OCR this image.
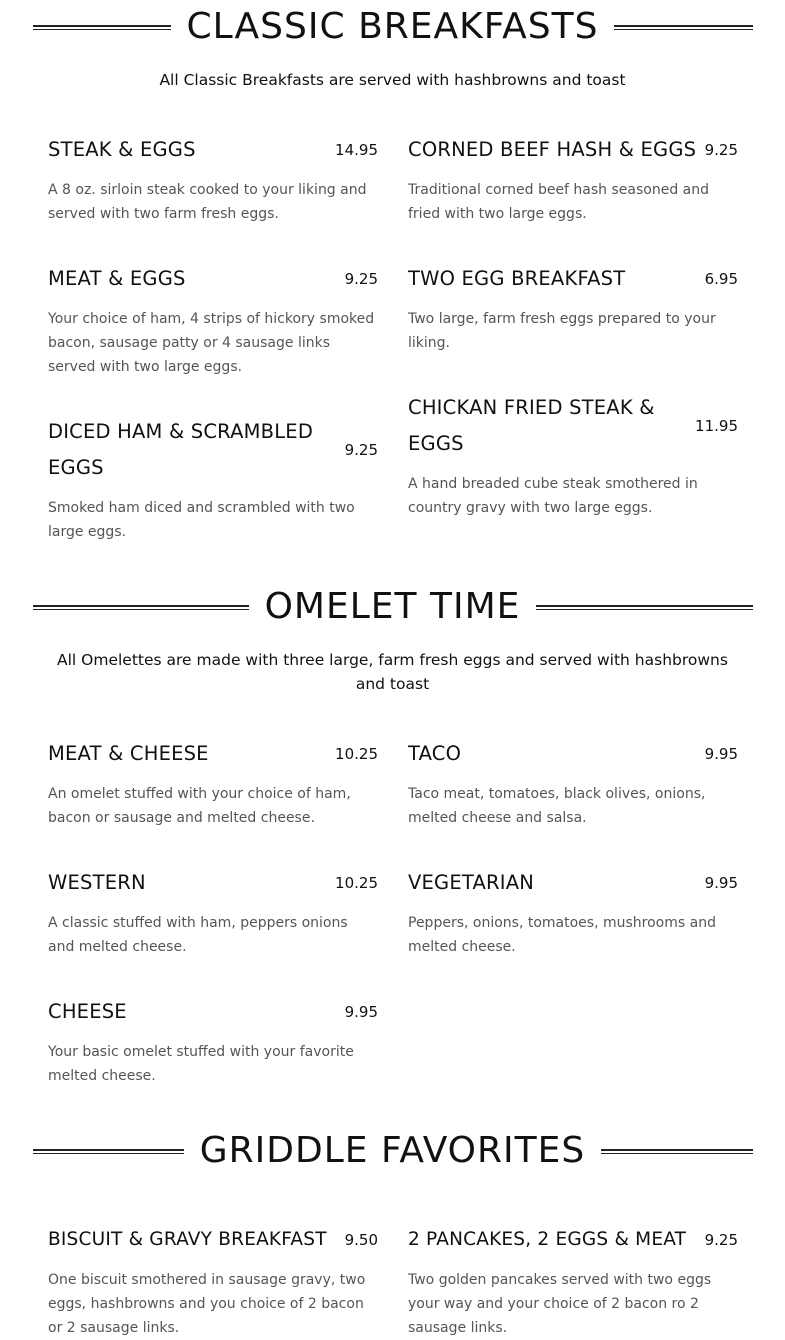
CLASSIC BREAKFASTS
All Classic Breakfasts are served with hashbrowns and toast
STEAK & EGGS	14.95
A 8 oz. sirloin steak cooked to your liking and served with two farm fresh eggs.
CORNED BEEF HASH & EGGS 9.25
Traditional corned beef hash seasoned and fried with two large eggs.
MEAT & EGGS	9.25
Your choice of ham, 4 strips of hickory smoked bacon, sausage patty or 4 sausage links served with two large eggs.
TWO EGG BREAKFAST	6.95
Two large, farm fresh eggs prepared to your liking.
DICED HAM & SCRAMBLED EGGS
9.25
Smoked ham diced and scrambled with two large eggs.
CHICKAN FRIED STEAK & EGGS
11.95
A hand breaded cube steak smothered in country gravy with two large eggs.
OMELET TIME
All Omelettes are made with three large, farm fresh eggs and served with hashbrowns and toast
MEAT & CHEESE	10.25
An omelet stuffed with your choice of ham, bacon or sausage and melted cheese.
TACO	9.95
Taco meat, tomatoes, black olives, onions, melted cheese and salsa.
WESTERN	10.25
A classic stuffed with ham, peppers onions and melted cheese.
VEGETARIAN	9.95
Peppers, onions, tomatoes, mushrooms and melted cheese.
CHEESE	9.95
Your basic omelet stuffed with your favorite melted cheese.
GRIDDLE FAVORITES
BISCUIT & GRAVY BREAKFAST 9.50
One biscuit smothered in sausage gravy, two eggs, hashbrowns and you choice of 2 bacon or 2 sausage links.
2 PANCAKES, 2 EGGS & MEAT 9.25
Two golden pancakes served with two eggs your way and your choice of 2 bacon ro 2 sausage links.
